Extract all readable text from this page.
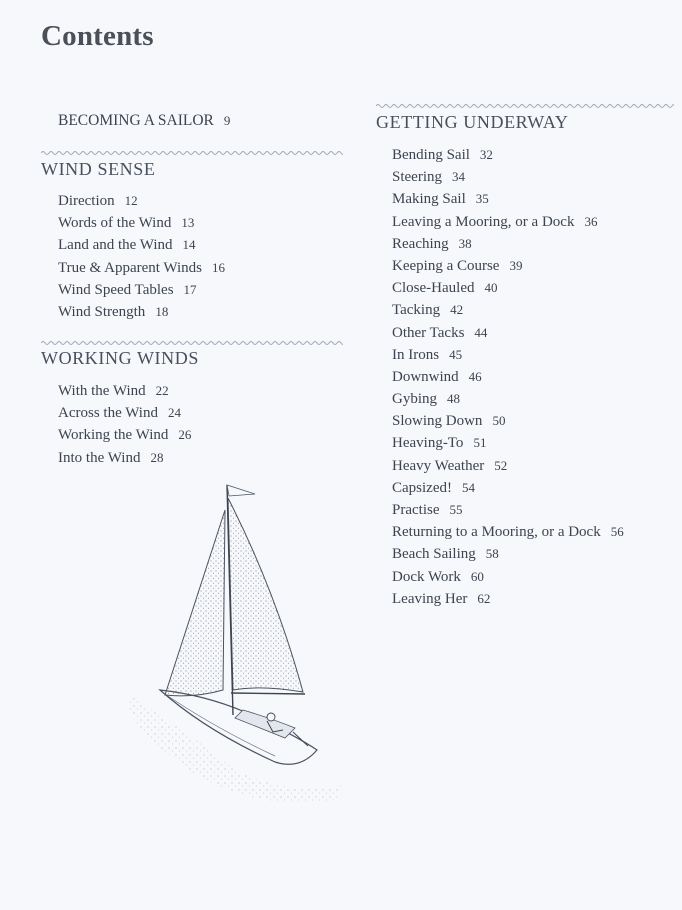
Contents
BECOMING A SAILOR 9
WIND SENSE
Direction 12
Words of the Wind 13
Land and the Wind 14
True & Apparent Winds 16
Wind Speed Tables 17
Wind Strength 18
WORKING WINDS
With the Wind 22
Across the Wind 24
Working the Wind 26
Into the Wind 28
GETTING UNDERWAY
Bending Sail 32
Steering 34
Making Sail 35
Leaving a Mooring, or a Dock 36
Reaching 38
Keeping a Course 39
Close-Hauled 40
Tacking 42
Other Tacks 44
In Irons 45
Downwind 46
Gybing 48
Slowing Down 50
Heaving-To 51
Heavy Weather 52
Capsized! 54
Practise 55
Returning to a Mooring, or a Dock 56
Beach Sailing 58
Dock Work 60
Leaving Her 62
